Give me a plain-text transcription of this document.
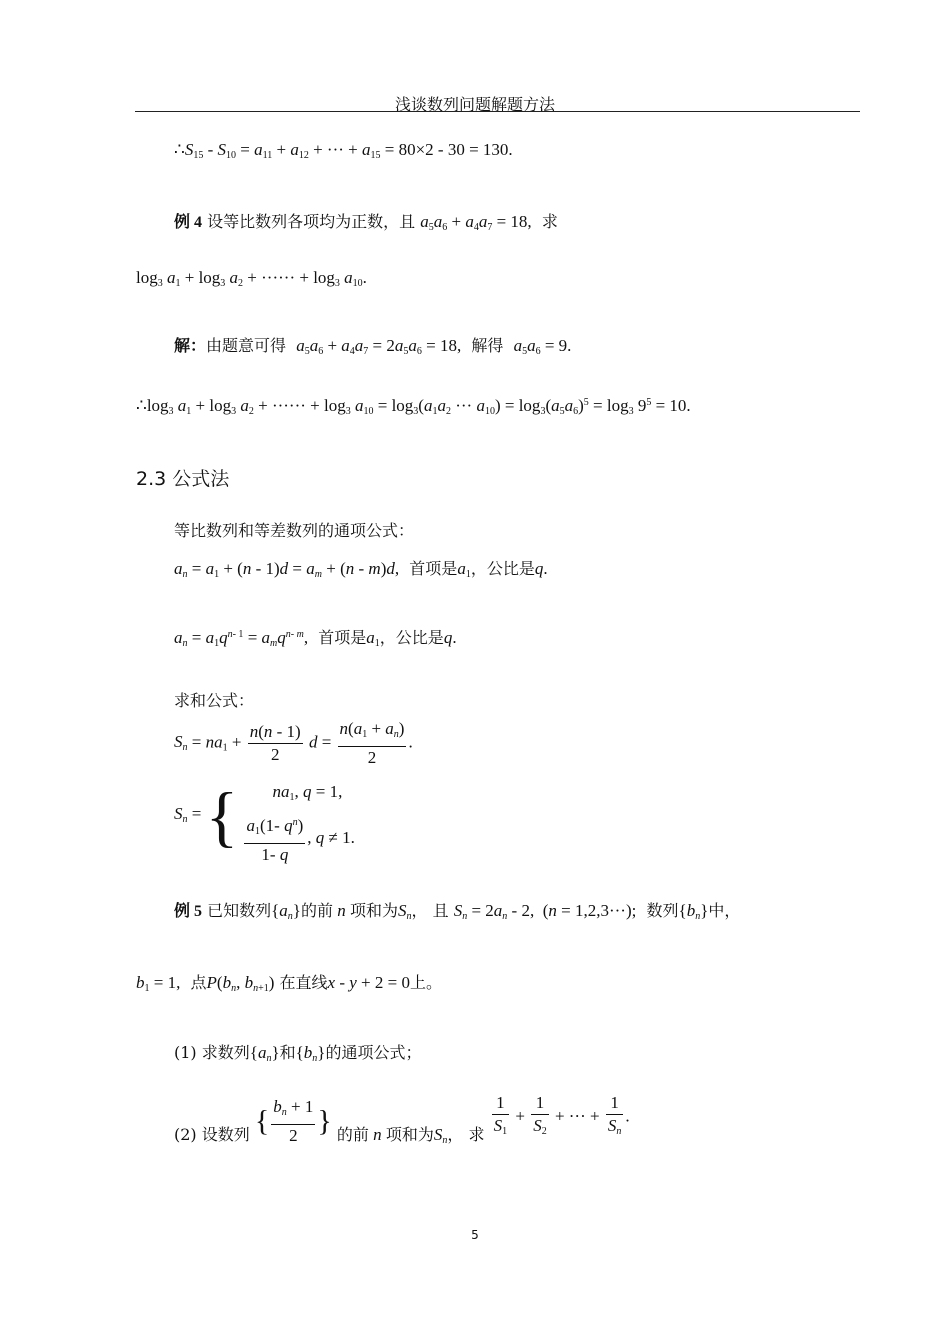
浅谈数列问题解题方法
$\therefore S_{15} - S_{10} = a_{11} + a_{12}$ + ··· + $a_{15} = 80\times 2 - 30 = 130$.
例 4 设等比数列各项均为正数，且 $a_5a_6 + a_4a_7 = 18$, 求
$\log_3 a_1 + \log_3 a_2$ + ······ + $\log_3 a_{10}$.
解：由题意可得 $a_5a_6 + a_4a_7 = 2a_5a_6 = 18$, 解得 $a_5a_6 = 9$.
$\therefore\log_3$ $a_1 + \log_3 a_2$ + ······ + $\log_3 a_{10} = \log_3(a_1a_2$ ··· $a_{10}) = \log_3(a_5a_6)^5 = \log_3 9^5 = 10$.
2.3 公式法
等比数列和等差数列的通项公式：
$a_n = a_1 + (n - 1)d = a_m + (n - m)d$, 首项是$a_1$，公比是q.
$a_n = a_1q^{n- 1} = a_mq^{n- m}$, 首项是$a_1$，公比是q.
求和公式：
$S_n = na_1 + \frac{n(n - 1)}{2}$ $d = \frac{n(a_1 + a_n)}{2}$ .
$S_n$ = {	$na_1$, q = 1,
$\frac{a_1(1- q^n)}{1- q}$ , q ≠ 1.
例 5 已知数列$\{a_n\}$的前 n 项和为$S_n$， 且 $S_n = 2a_n - 2$,  (n = 1,2,3···); 数列$\{b_n\}$中，
$b_1 = 1$, 点$P(b_n$, $b_{n+1}$) 在直线x - y + 2 = 0上。
(1) 求数列$\{a_n\}$和$\{b_n\}$的通项公式；
(2) 设数列 { $\frac{b_n + 1}{2}$ } 的前 n 项和为$S_n$， 求 $\frac{1}{S_1} + \frac{1}{S_2}$ + ··· + $\frac{1}{S_n}$ .
5
